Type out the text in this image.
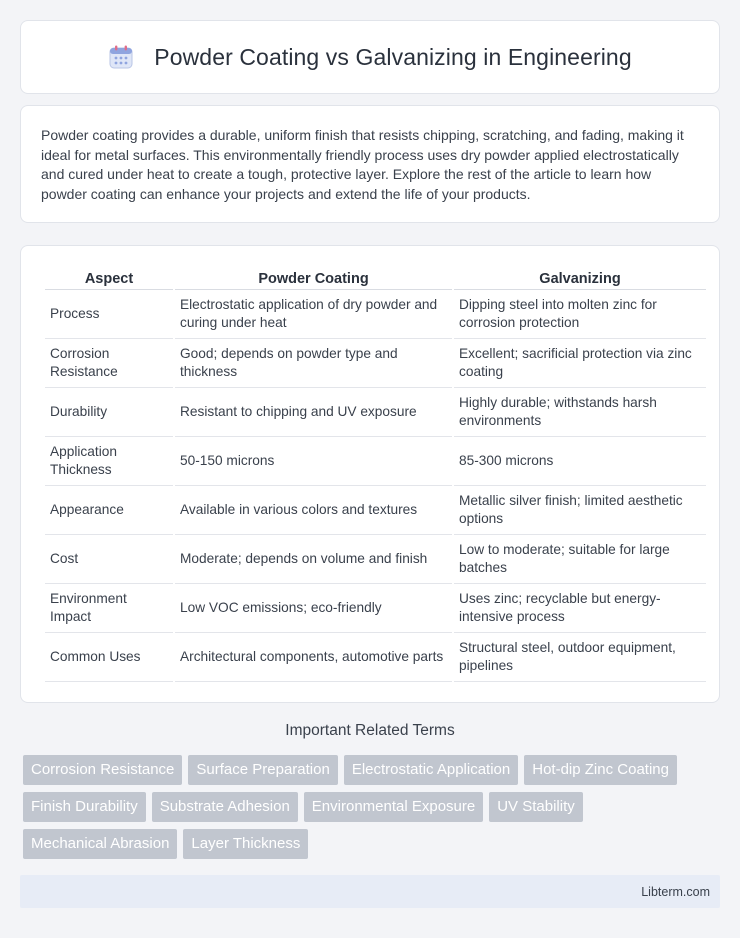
Powder Coating vs Galvanizing in Engineering

Powder coating provides a durable, uniform finish that resists chipping, scratching, and fading, making it ideal for metal surfaces. This environmentally friendly process uses dry powder applied electrostatically and cured under heat to create a tough, protective layer. Explore the rest of the article to learn how powder coating can enhance your projects and extend the life of your products.

Aspect	Powder Coating	Galvanizing
Process	Electrostatic application of dry powder and curing under heat	Dipping steel into molten zinc for corrosion protection
Corrosion Resistance	Good; depends on powder type and thickness	Excellent; sacrificial protection via zinc coating
Durability	Resistant to chipping and UV exposure	Highly durable; withstands harsh environments
Application Thickness	50-150 microns	85-300 microns
Appearance	Available in various colors and textures	Metallic silver finish; limited aesthetic options
Cost	Moderate; depends on volume and finish	Low to moderate; suitable for large batches
Environment Impact	Low VOC emissions; eco-friendly	Uses zinc; recyclable but energy-intensive process
Common Uses	Architectural components, automotive parts	Structural steel, outdoor equipment, pipelines
Important Related Terms
Corrosion Resistance	Surface Preparation	Electrostatic Application	Hot-dip Zinc Coating
Finish Durability	Substrate Adhesion	Environmental Exposure	UV Stability
Mechanical Abrasion	Layer Thickness
Libterm.com
